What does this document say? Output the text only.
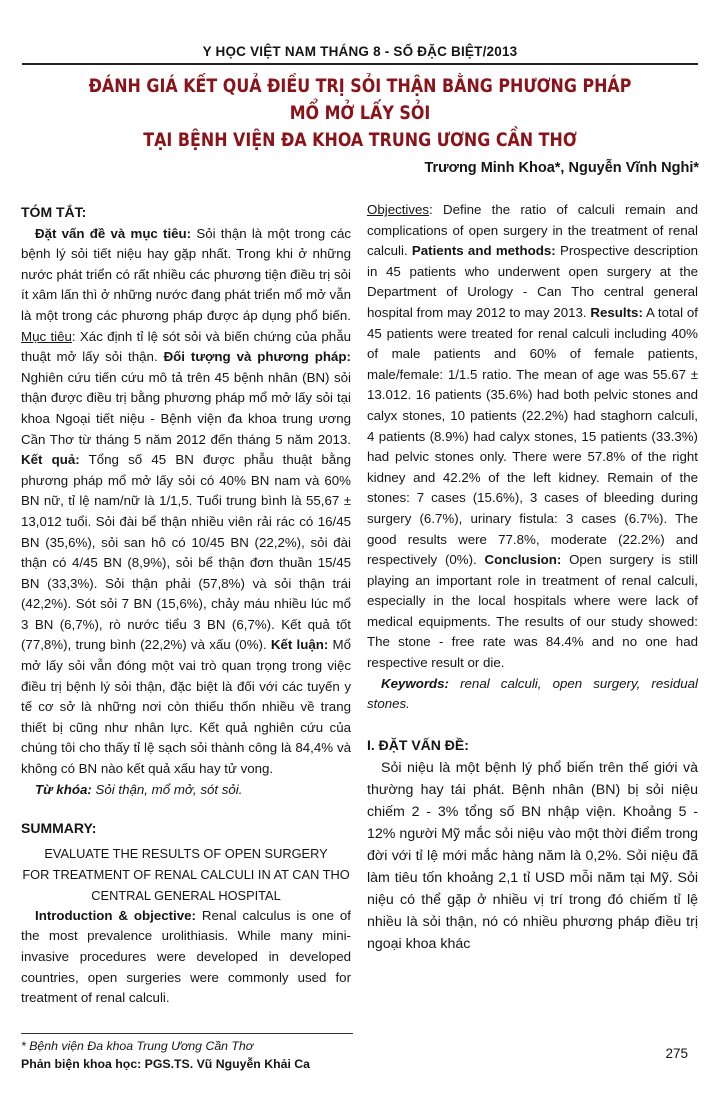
Y HỌC VIỆT NAM THÁNG 8 - SỐ ĐẶC BIỆT/2013
ĐÁNH GIÁ KẾT QUẢ ĐIỀU TRỊ SỎI THẬN BẰNG PHƯƠNG PHÁP MỔ MỞ LẤY SỎI
TẠI BỆNH VIỆN ĐA KHOA TRUNG ƯƠNG CẦN THƠ
Trương Minh Khoa*, Nguyễn Vĩnh Nghi*

TÓM TẮT:

Đặt vấn đề và mục tiêu: Sỏi thận là một trong các bệnh lý sỏi tiết niệu hay gặp nhất. Trong khi ở những nước phát triển có rất nhiều các phương tiện điều trị sỏi ít xâm lấn thì ở những nước đang phát triển mổ mở vẫn là một trong các phương pháp được áp dụng phổ biến. Mục tiêu: Xác định tỉ lệ sót sỏi và biến chứng của phẫu thuật mở lấy sỏi thận. Đối tượng và phương pháp: Nghiên cứu tiến cứu mô tả trên 45 bệnh nhân (BN) sỏi thận được điều trị bằng phương pháp mổ mở lấy sỏi tại khoa Ngoại tiết niệu - Bệnh viện đa khoa trung ương Cần Thơ từ tháng 5 năm 2012 đến tháng 5 năm 2013. Kết quả: Tổng số 45 BN được phẫu thuật bằng phương pháp mổ mở lấy sỏi có 40% BN nam và 60% BN nữ, tỉ lệ nam/nữ là 1/1,5. Tuổi trung bình là 55,67 ± 13,012 tuổi. Sỏi đài bể thận nhiều viên rải rác có 16/45 BN (35,6%), sỏi san hô có 10/45 BN (22,2%), sỏi đài thận có 4/45 BN (8,9%), sỏi bể thận đơn thuần 15/45 BN (33,3%). Sỏi thận phải (57,8%) và sỏi thận trái (42,2%). Sót sỏi 7 BN (15,6%), chảy máu nhiều lúc mổ 3 BN (6,7%), rò nước tiểu 3 BN (6,7%). Kết quả tốt (77,8%), trung bình (22,2%) và xấu (0%). Kết luận: Mổ mở lấy sỏi vẫn đóng một vai trò quan trọng trong việc điều trị bệnh lý sỏi thận, đặc biệt là đối với các tuyến y tế cơ sở là những nơi còn thiếu thốn nhiều về trang thiết bị cũng như nhân lực. Kết quả nghiên cứu của chúng tôi cho thấy tỉ lệ sạch sỏi thành công là 84,4% và không có BN nào kết quả xấu hay tử vong.

Từ khóa: Sỏi thận, mổ mở, sót sỏi.

SUMMARY:

EVALUATE THE RESULTS OF OPEN SURGERY
FOR TREATMENT OF RENAL CALCULI IN AT CAN THO
CENTRAL GENERAL HOSPITAL

Introduction & objective: Renal calculus is one of the most prevalence urolithiasis. While many mini-invasive procedures were developed in developed countries, open surgeries were commonly used for treatment of renal calculi.

Objectives: Define the ratio of calculi remain and complications of open surgery in the treatment of renal calculi. Patients and methods: Prospective description in 45 patients who underwent open surgery at the Department of Urology - Can Tho central general hospital from may 2012 to may 2013. Results: A total of 45 patients were treated for renal calculi including 40% of male patients and 60% of female patients, male/female: 1/1.5 ratio. The mean of age was 55.67 ± 13.012. 16 patients (35.6%) had both pelvic stones and calyx stones, 10 patients (22.2%) had staghorn calculi, 4 patients (8.9%) had calyx stones, 15 patients (33.3%) had pelvic stones only. There were 57.8% of the right kidney and 42.2% of the left kidney. Remain of the stones: 7 cases (15.6%), 3 cases of bleeding during surgery (6.7%), urinary fistula: 3 cases (6.7%). The good results were 77.8%, moderate (22.2%) and respectively (0%). Conclusion: Open surgery is still playing an important role in treatment of renal calculi, especially in the local hospitals where were lack of medical equipments. The results of our study showed: The stone - free rate was 84.4% and no one had respective result or die.

Keywords: renal calculi, open surgery, residual stones.

I. ĐẶT VẤN ĐỀ:

Sỏi niệu là một bệnh lý phổ biến trên thế giới và thường hay tái phát. Bệnh nhân (BN) bị sỏi niệu chiếm 2 - 3% tổng số BN nhập viện. Khoảng 5 - 12% người Mỹ mắc sỏi niệu vào một thời điểm trong đời với tỉ lệ mới mắc hàng năm là 0,2%. Sỏi niệu đã làm tiêu tốn khoảng 2,1 tỉ USD mỗi năm tại Mỹ. Sỏi niệu có thể gặp ở nhiều vị trí trong đó chiếm tỉ lệ nhiều là sỏi thận, nó có nhiều phương pháp điều trị ngoại khoa khác

* Bệnh viện Đa khoa Trung Ương Cần Thơ
Phản biện khoa học: PGS.TS. Vũ Nguyễn Khải Ca
275
